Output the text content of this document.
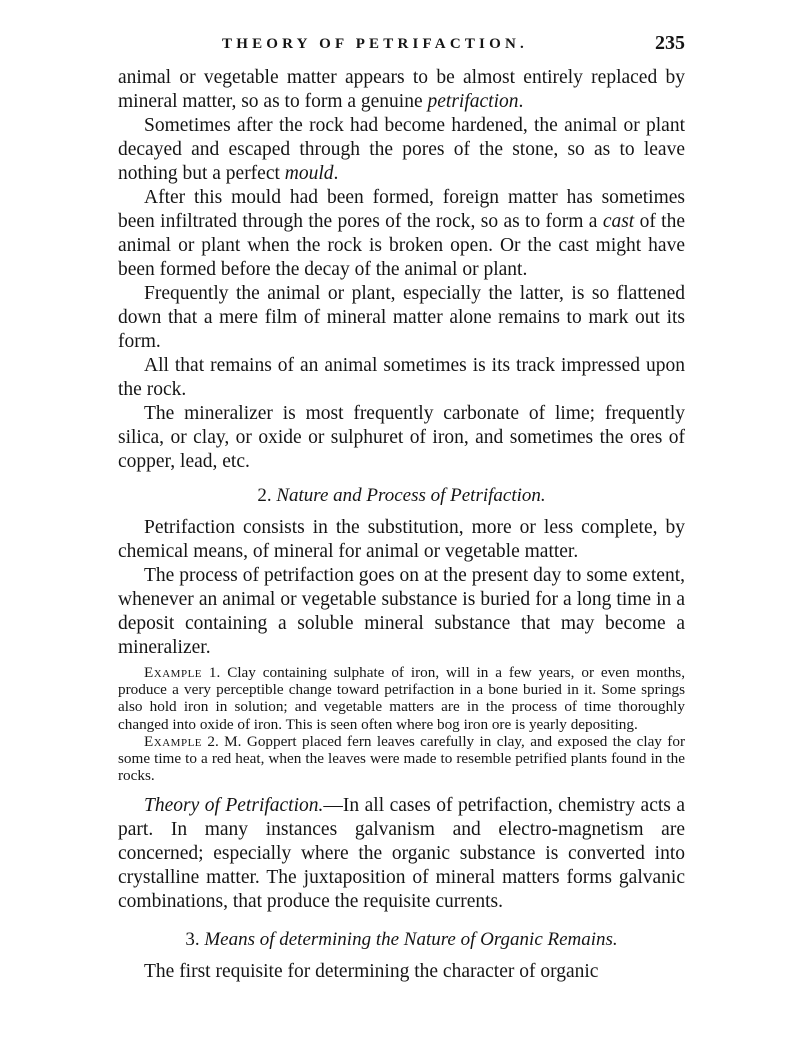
THEORY OF PETRIFACTION.	235

animal or vegetable matter appears to be almost entirely replaced by mineral matter, so as to form a genuine petrifaction.

Sometimes after the rock had become hardened, the animal or plant decayed and escaped through the pores of the stone, so as to leave nothing but a perfect mould.

After this mould had been formed, foreign matter has sometimes been infiltrated through the pores of the rock, so as to form a cast of the animal or plant when the rock is broken open. Or the cast might have been formed before the decay of the animal or plant.

Frequently the animal or plant, especially the latter, is so flattened down that a mere film of mineral matter alone remains to mark out its form.

All that remains of an animal sometimes is its track impressed upon the rock.

The mineralizer is most frequently carbonate of lime; frequently silica, or clay, or oxide or sulphuret of iron, and sometimes the ores of copper, lead, etc.

2. Nature and Process of Petrifaction.

Petrifaction consists in the substitution, more or less complete, by chemical means, of mineral for animal or vegetable matter.

The process of petrifaction goes on at the present day to some extent, whenever an animal or vegetable substance is buried for a long time in a deposit containing a soluble mineral substance that may become a mineralizer.

Example 1. Clay containing sulphate of iron, will in a few years, or even months, produce a very perceptible change toward petrifaction in a bone buried in it. Some springs also hold iron in solution; and vegetable matters are in the process of time thoroughly changed into oxide of iron. This is seen often where bog iron ore is yearly depositing.

Example 2. M. Goppert placed fern leaves carefully in clay, and exposed the clay for some time to a red heat, when the leaves were made to resemble petrified plants found in the rocks.

Theory of Petrifaction.—In all cases of petrifaction, chemistry acts a part. In many instances galvanism and electro-magnetism are concerned; especially where the organic substance is converted into crystalline matter. The juxtaposition of mineral matters forms galvanic combinations, that produce the requisite currents.

3. Means of determining the Nature of Organic Remains.

The first requisite for determining the character of organic
